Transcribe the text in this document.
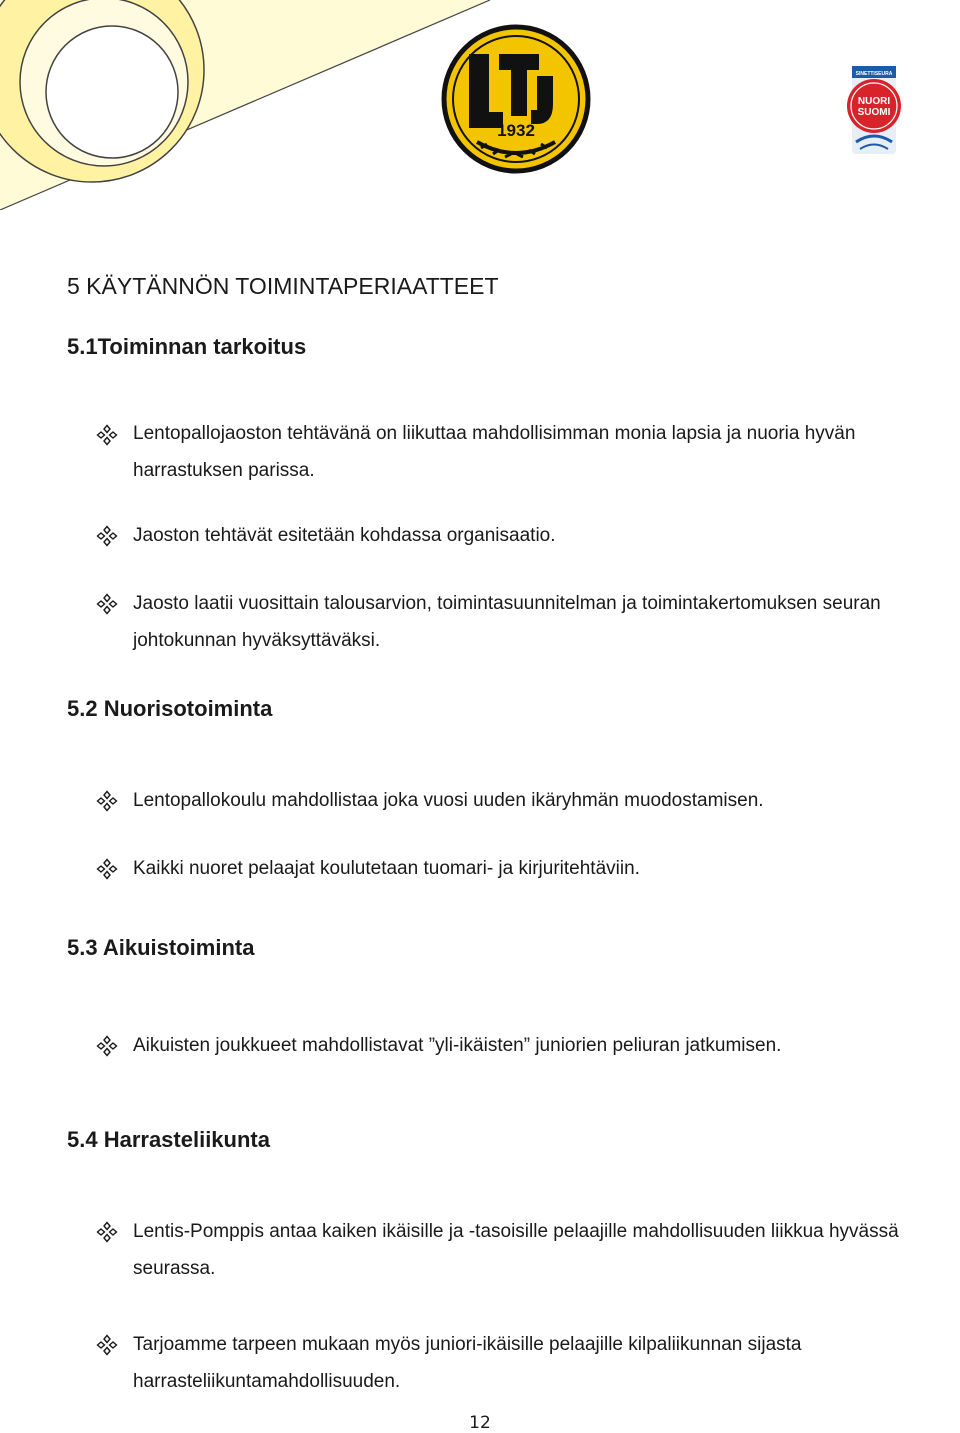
1932
SINETTISEURA
NUORI
SUOMI
5 KÄYTÄNNÖN TOIMINTAPERIAATTEET
5.1Toiminnan tarkoitus

Lentopallojaoston tehtävänä on liikuttaa mahdollisimman monia lapsia ja nuoria hyvän harrastuksen parissa.

Jaoston tehtävät esitetään kohdassa organisaatio.

Jaosto laatii vuosittain talousarvion, toimintasuunnitelman ja toimintakertomuksen seuran johtokunnan hyväksyttäväksi.

5.2 Nuorisotoiminta

Lentopallokoulu mahdollistaa joka vuosi uuden ikäryhmän muodostamisen.

Kaikki nuoret pelaajat koulutetaan tuomari- ja kirjuritehtäviin.

5.3 Aikuistoiminta

Aikuisten joukkueet mahdollistavat ”yli-ikäisten” juniorien peliuran jatkumisen.

5.4 Harrasteliikunta

Lentis-Pomppis antaa kaiken ikäisille ja -tasoisille pelaajille mahdollisuuden liikkua hyvässä seurassa.

Tarjoamme tarpeen mukaan myös juniori-ikäisille pelaajille kilpaliikunnan sijasta harrasteliikuntamahdollisuuden.

12
